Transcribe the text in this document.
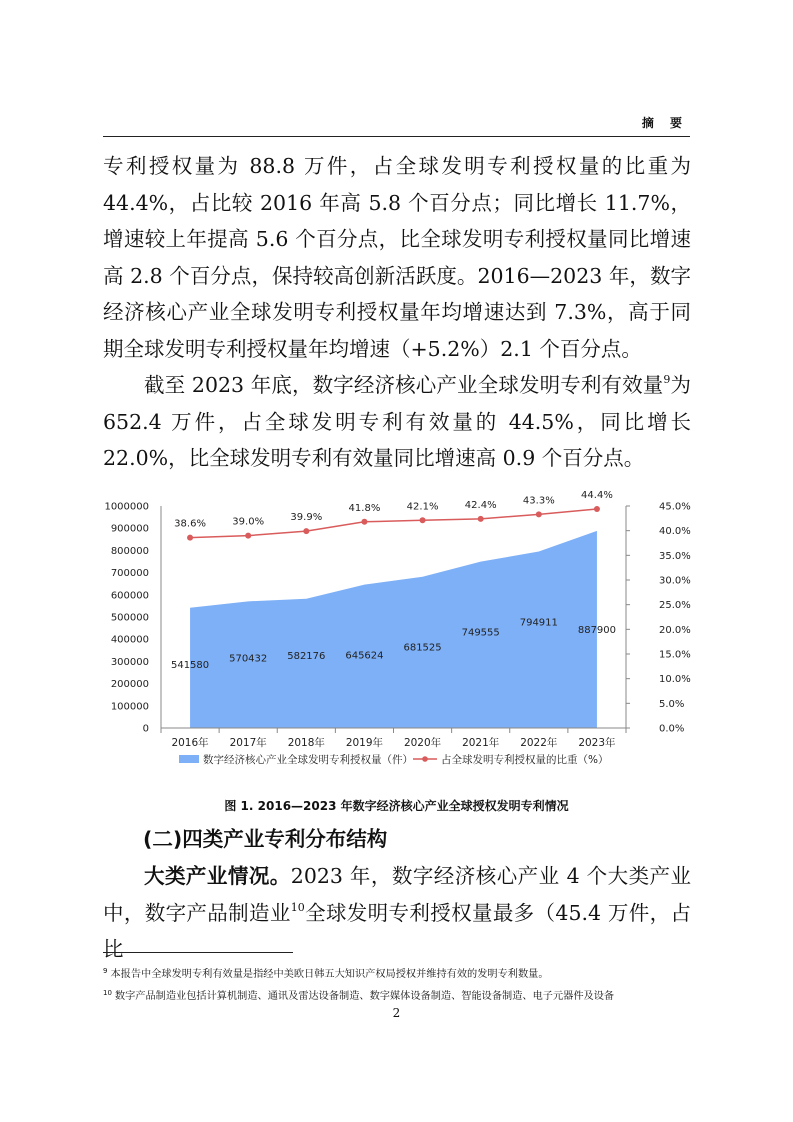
摘 要

专利授权量为 88.8 万件，占全球发明专利授权量的比重为 44.4%，占比较 2016 年高 5.8 个百分点；同比增长 11.7%，增速较上年提高 5.6 个百分点，比全球发明专利授权量同比增速高 2.8 个百分点，保持较高创新活跃度。2016—2023 年，数字经济核心产业全球发明专利授权量年均增速达到 7.3%，高于同期全球发明专利授权量年均增速（+5.2%）2.1 个百分点。

截至 2023 年底，数字经济核心产业全球发明专利有效量$^9$为 652.4 万件，占全球发明专利有效量的 44.5%，同比增长 22.0%，比全球发明专利有效量同比增速高 0.9 个百分点。

0
100000
200000
300000
400000
500000
600000
700000
800000
900000
1000000
0.0%
5.0%
10.0%
15.0%
20.0%
25.0%
30.0%
35.0%
40.0%
45.0%
2016年 2017年 2018年 2019年 2020年 2021年 2022年 2023年
541580
570432 582176 645624
681525
749555
794911
887900
38.6%	39.0%	39.9%
41.8%	42.1%	42.4%	43.3%	44.4%
数字经济核心产业全球发明专利授权量（件）	占全球发明专利授权量的比重（%）
图 1. 2016—2023 年数字经济核心产业全球授权发明专利情况
(二)四类产业专利分布结构

大类产业情况。2023 年，数字经济核心产业 4 个大类产业中，数字产品制造业$^{10}$全球发明专利授权量最多（45.4 万件，占比

$^9$ 本报告中全球发明专利有效量是指经中美欧日韩五大知识产权局授权并维持有效的发明专利数量。
$^{10}$ 数字产品制造业包括计算机制造、通讯及雷达设备制造、数字媒体设备制造、智能设备制造、电子元器件及设备
2
